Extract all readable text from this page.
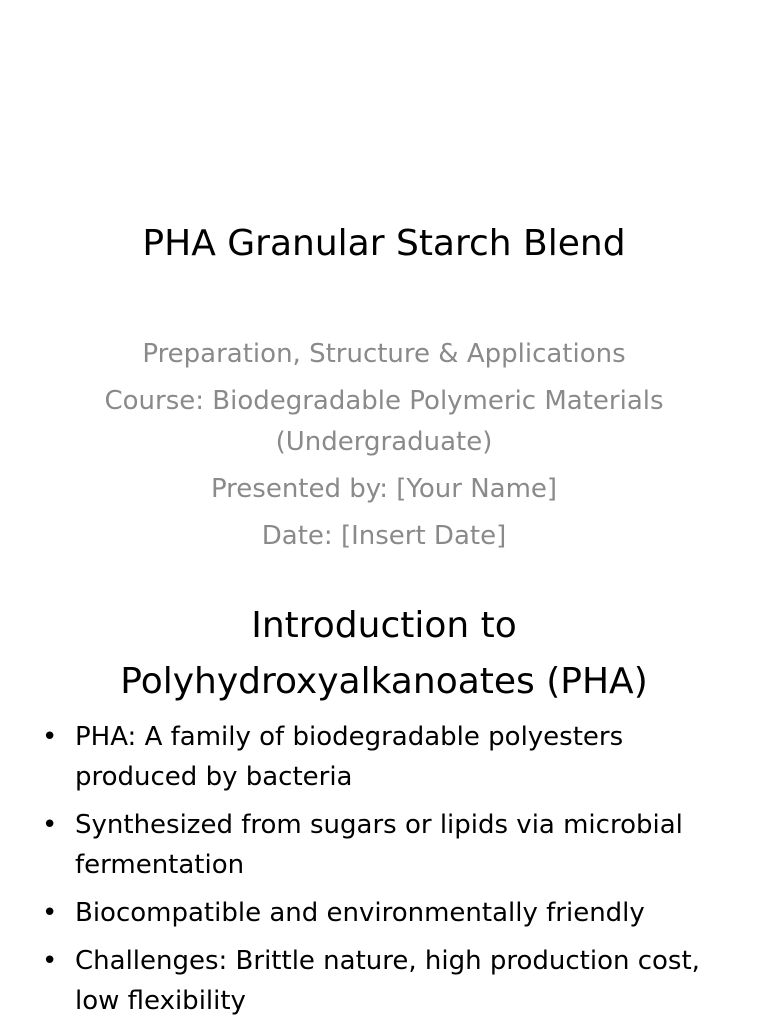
PHA Granular Starch Blend

Preparation, Structure & Applications

Course: Biodegradable Polymeric Materials (Undergraduate)

Presented by: [Your Name]

Date: [Insert Date]

Introduction to Polyhydroxyalkanoates (PHA)
• PHA: A family of biodegradable polyesters produced by bacteria
• Synthesized from sugars or lipids via microbial fermentation
• Biocompatible and environmentally friendly
• Challenges: Brittle nature, high production cost, low flexibility
